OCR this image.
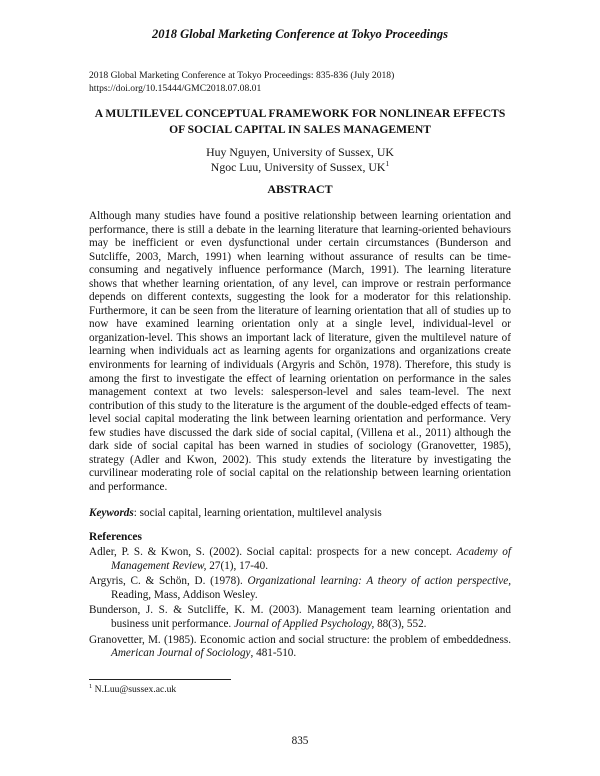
2018 Global Marketing Conference at Tokyo Proceedings
2018 Global Marketing Conference at Tokyo Proceedings: 835-836 (July 2018)
https://doi.org/10.15444/GMC2018.07.08.01
A MULTILEVEL CONCEPTUAL FRAMEWORK FOR NONLINEAR EFFECTS
OF SOCIAL CAPITAL IN SALES MANAGEMENT
Huy Nguyen, University of Sussex, UK
Ngoc Luu, University of Sussex, $UK^1$
ABSTRACT
Although many studies have found a positive relationship between learning orientation and performance, there is still a debate in the learning literature that learning-oriented behaviours may be inefficient or even dysfunctional under certain circumstances (Bunderson and Sutcliffe, 2003, March, 1991) when learning without assurance of results can be time-consuming and negatively influence performance (March, 1991). The learning literature shows that whether learning orientation, of any level, can improve or restrain performance depends on different contexts, suggesting the look for a moderator for this relationship. Furthermore, it can be seen from the literature of learning orientation that all of studies up to now have examined learning orientation only at a single level, individual-level or organization-level. This shows an important lack of literature, given the multilevel nature of learning when individuals act as learning agents for organizations and organizations create environments for learning of individuals (Argyris and Schön, 1978). Therefore, this study is among the first to investigate the effect of learning orientation on performance in the sales management context at two levels: salesperson-level and sales team-level. The next contribution of this study to the literature is the argument of the double-edged effects of team-level social capital moderating the link between learning orientation and performance. Very few studies have discussed the dark side of social capital, (Villena et al., 2011) although the dark side of social capital has been warned in studies of sociology (Granovetter, 1985), strategy (Adler and Kwon, 2002). This study extends the literature by investigating the curvilinear moderating role of social capital on the relationship between learning orientation and performance.
Keywords: social capital, learning orientation, multilevel analysis
References
Adler, P. S. & Kwon, S. (2002). Social capital: prospects for a new concept. Academy of Management Review, 27(1), 17-40.
Argyris, C. & Schön, D. (1978). Organizational learning: A theory of action perspective, Reading, Mass, Addison Wesley.
Bunderson, J. S. & Sutcliffe, K. M. (2003). Management team learning orientation and business unit performance. Journal of Applied Psychology, 88(3), 552.
Granovetter, M. (1985). Economic action and social structure: the problem of embeddedness. American Journal of Sociology, 481-510.
$^1$ N.Luu@sussex.ac.uk
835
